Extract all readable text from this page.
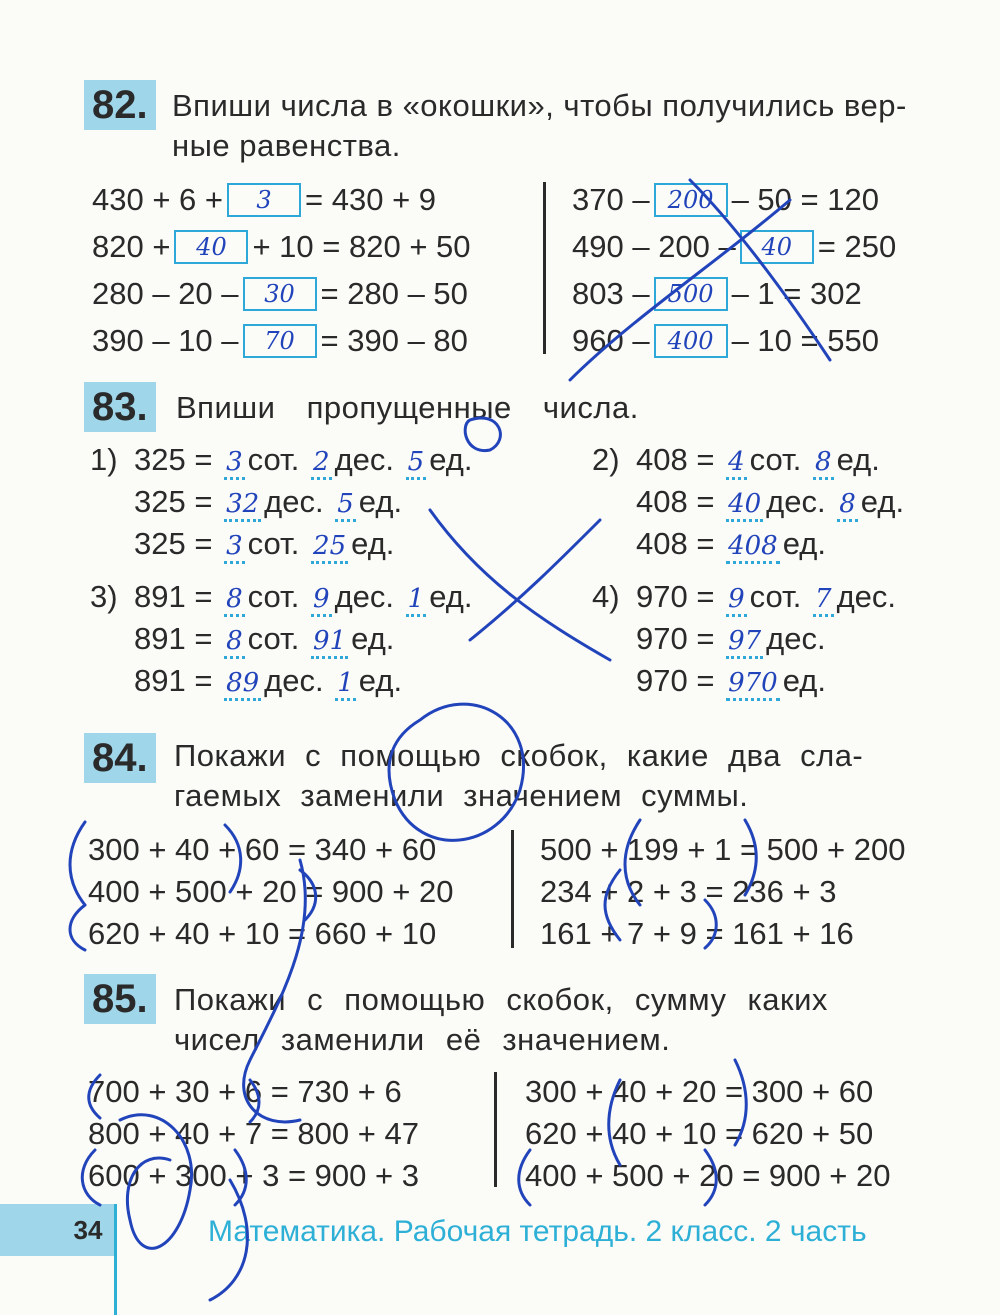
82. Впиши числа в «окошки», чтобы получились вер-
ные равенства.
430 + 6 + 3 = 430 + 9
820 + 40 + 10 = 820 + 50
280 – 20 – 30 = 280 – 50
390 – 10 – 70 = 390 – 80
370 – 200 – 50 = 120
490 – 200 – 40 = 250
803 – 500 – 1 = 302
960 – 400 – 10 = 550
83. Впиши пропущенные числа.
1) 325 = 3 сот. 2 дес. 5 ед.
325 = 32 дес. 5 ед.
325 = 3 сот. 25 ед.
2) 408 = 4 сот. 8 ед.
408 = 40 дес. 8 ед.
408 = 408 ед.
3) 891 = 8 сот. 9 дес. 1 ед.
891 = 8 сот. 91 ед.
891 = 89 дес. 1 ед.
4) 970 = 9 сот. 7 дес.
970 = 97 дес.
970 = 970 ед.
84. Покажи с помощью скобок, какие два сла-
гаемых заменили значением суммы.
300 + 40 + 60 = 340 + 60
400 + 500 + 20 = 900 + 20
620 + 40 + 10 = 660 + 10
500 + 199 + 1 = 500 + 200
234 + 2 + 3 = 236 + 3
161 + 7 + 9 = 161 + 16
85. Покажи с помощью скобок, сумму каких
чисел заменили её значением.
700 + 30 + 6 = 730 + 6
800 + 40 + 7 = 800 + 47
600 + 300 + 3 = 900 + 3
300 + 40 + 20 = 300 + 60
620 + 40 + 10 = 620 + 50
400 + 500 + 20 = 900 + 20
34	Математика. Рабочая тетрадь. 2 класс. 2 часть
